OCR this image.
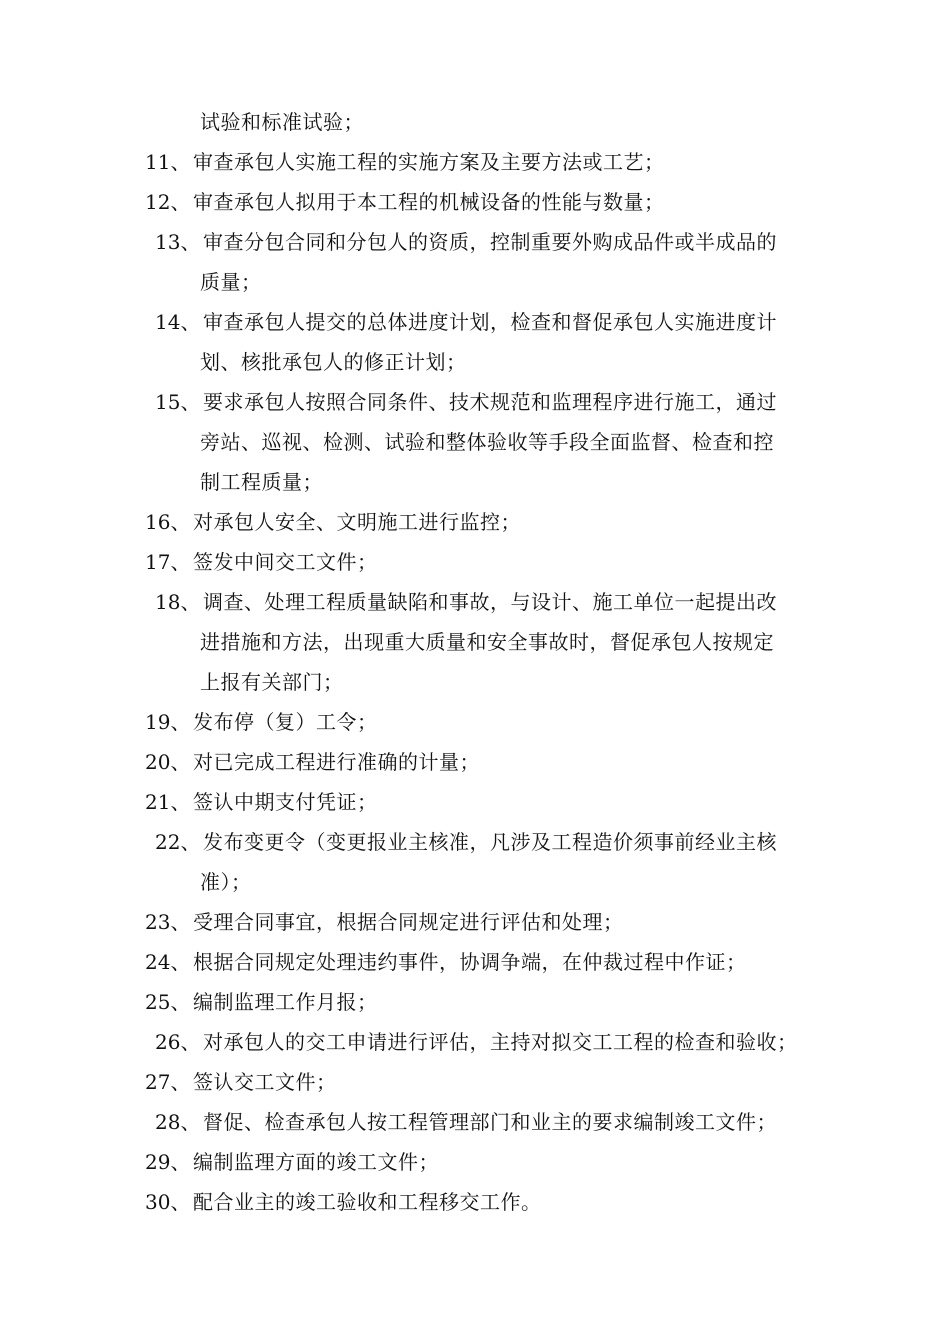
试验和标准试验；
11、 审查承包人实施工程的实施方案及主要方法或工艺；
12、 审查承包人拟用于本工程的机械设备的性能与数量；
13、 审查分包合同和分包人的资质，控制重要外购成品件或半成品的
质量；
14、 审查承包人提交的总体进度计划，检查和督促承包人实施进度计
划、核批承包人的修正计划；
15、 要求承包人按照合同条件、技术规范和监理程序进行施工，通过
旁站、巡视、检测、试验和整体验收等手段全面监督、检查和控
制工程质量；
16、 对承包人安全、文明施工进行监控；
17、 签发中间交工文件；
18、 调查、处理工程质量缺陷和事故，与设计、施工单位一起提出改
进措施和方法，出现重大质量和安全事故时，督促承包人按规定
上报有关部门；
19、 发布停（复）工令；
20、 对已完成工程进行准确的计量；
21、 签认中期支付凭证；
22、 发布变更令（变更报业主核准，凡涉及工程造价须事前经业主核
准）；
23、 受理合同事宜，根据合同规定进行评估和处理；
24、 根据合同规定处理违约事件，协调争端，在仲裁过程中作证；
25、 编制监理工作月报；
26、 对承包人的交工申请进行评估，主持对拟交工工程的检查和验收；
27、 签认交工文件；
28、 督促、检查承包人按工程管理部门和业主的要求编制竣工文件；
29、 编制监理方面的竣工文件；
30、 配合业主的竣工验收和工程移交工作。
